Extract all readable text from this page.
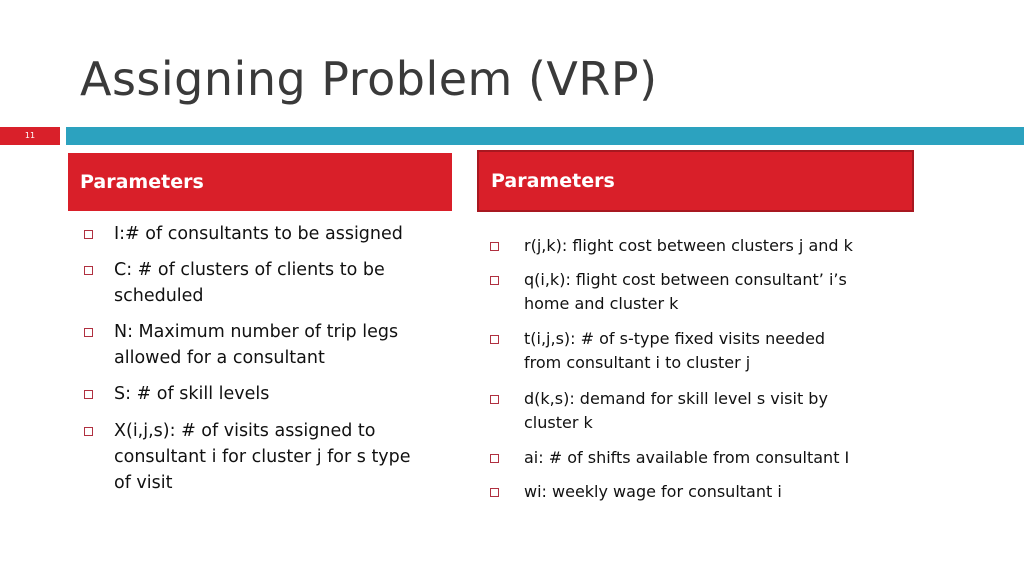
Assigning Problem (VRP)
11
Parameters	Parameters
I:# of consultants to be assigned
C: # of clusters of clients to be
scheduled
N: Maximum number of trip legs
allowed for a consultant
S: # of skill levels
X(i,j,s): # of visits assigned to
consultant i for cluster j for s type
of visit
r(j,k): flight cost between clusters j and k
q(i,k): flight cost between consultant’ i’s
home and cluster k
t(i,j,s): # of s-type fixed visits needed
from consultant i to cluster j
d(k,s): demand for skill level s visit by
cluster k
ai: # of shifts available from consultant I
wi: weekly wage for consultant i
